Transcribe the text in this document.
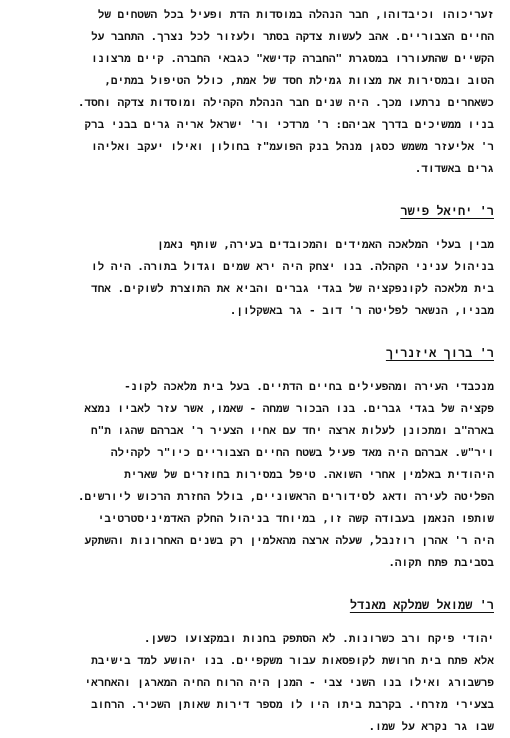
זעריכוהו וכיבדוהו, חבר הנהלה במוסדות הדת ופעיל בכל השטחים של
החיים הצבוריים. אהב לעשות צדקה בסתר ולעזור לכל נצרך. התחבר על
הקשיים שהתעוררו במסגרת "החברה קדישא" כגבאי החברה. קיים מרצונו
הטוב ובמסירות את מצוות גמילת חסד של אמת, כולל הטיפול במתים,
כשאחרים נרתעו מכך. היה שנים חבר הנהלת הקהילה ומוסדות צדקה וחסד.
בניו ממשיכים בדרך אביהם: ר' מרדכי ור' ישראל אריה גרים בבני ברק
ר' אליעזר משמש כסגן מנהל בנק הפועמ"ז בחולון ואילו יעקב ואליהו
גרים באשדוד.
ר' יחיאל פישר
מבין בעלי המלאכה האמידים והמכובדים בעירה, שותף נאמן
בניהול עניני הקהלה. בנו יצחק היה ירא שמים וגדול בתורה. היה לו
בית מלאכה לקונפקציה של בגדי גברים והביא את התוצרת לשוקים. אחד
מבניו, הנשאר לפליטה ר' דוב - גר באשקלון.
ר' ברוך איזנריך
מנכבדי העירה ומהפעילים בחיים הדתיים. בעל בית מלאכה לקונ-
פקציה של בגדי גברים. בנו הבכור שמחה - שאמו, אשר עזר לאביו נמצא
בארה"ב ומתכונן לעלות ארצה יחד עם אחיו הצעיר ר' אברהם שהגו ת"ח
ויר"ש. אברהם היה מאד פעיל בשטח החיים הצבוריים כיו"ר לקהילה
היהודית באלמין אחרי השואה. טיפל במסירות בחוזרים של שארית
הפליטה לעירה ודאג לסידורים הראשוניים, בולל החזרת הרכוש ליורשים.
שותפו הנאמן בעבודה קשה זו, במיוחד בניהול החלק האדמיניסטרטיבי
היה ר' אהרן רוזנבל, שעלה ארצה מהאלמין רק בשנים האחרונות והשתקע
בסביבת פתח תקוה.
ר' שמואל שמלקא מאנדל
יהודי פיקח ורב כשרונות. לא הסתפק בחנות ובמקצועו כשען.
אלא פתח בית חרושת לקופסאות עבור משקפיים. בנו יהושע למד בישיבת
פרשבורג ואילו בנו השני צבי - המנן היה הרוח החיה המארגן והאחראי
בצעירי מזרחי. בקרבת ביתו היו לו מספר דירות שאותן השכיר. הרחוב
שבו גר נקרא על שמו.
